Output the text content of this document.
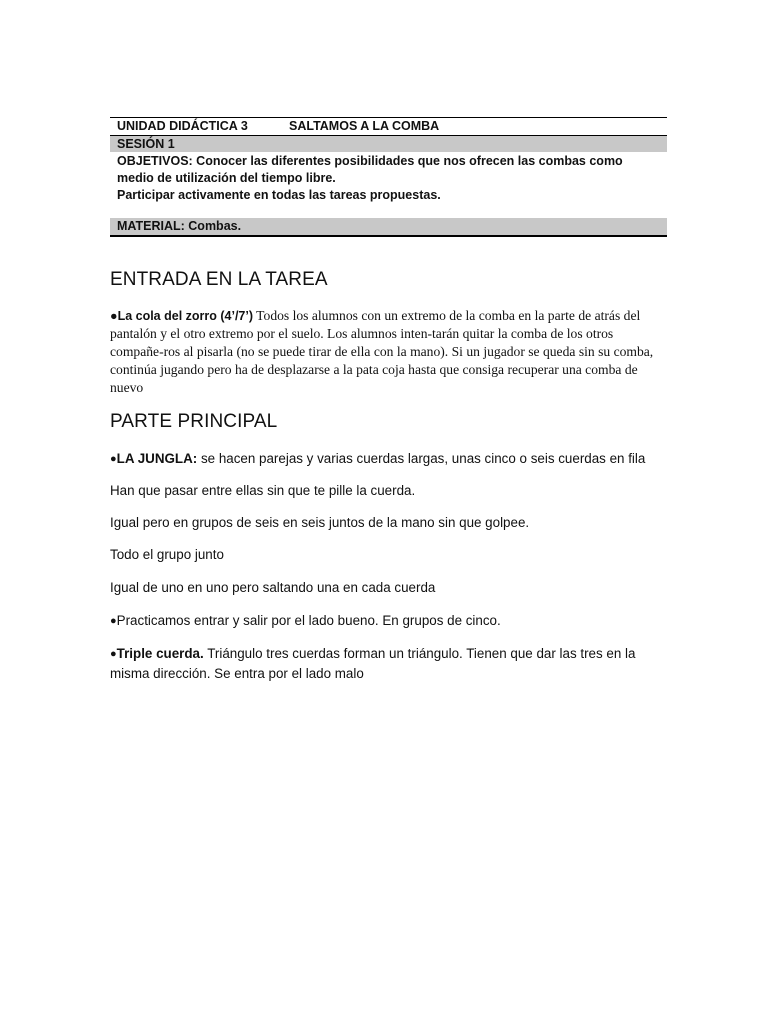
UNIDAD DIDÁCTICA 3	SALTAMOS A LA COMBA
SESIÓN 1
OBJETIVOS: Conocer las diferentes posibilidades que nos ofrecen las combas como
medio de utilización del tiempo libre.
Participar activamente en todas las tareas propuestas.
MATERIAL: Combas.
ENTRADA EN LA TAREA
●La cola del zorro (4’/7’) Todos los alumnos con un extremo de la comba en la parte de atrás del pantalón y el otro extremo por el suelo. Los alumnos inten-tarán quitar la comba de los otros compañe-ros al pisarla (no se puede tirar de ella con la mano). Si un jugador se queda sin su comba, continúa jugando pero ha de desplazarse a la pata coja hasta que consiga recuperar una comba de nuevo
PARTE PRINCIPAL
●LA JUNGLA: se hacen parejas y varias cuerdas largas, unas cinco o seis cuerdas en fila
Han que pasar entre ellas sin que te pille la cuerda.
Igual pero en grupos de seis en seis juntos de la mano sin que golpee.
Todo el grupo junto
Igual de uno en uno pero saltando una en cada cuerda
●Practicamos entrar y salir por el lado bueno. En grupos de cinco.
●Triple cuerda. Triángulo tres cuerdas forman un triángulo. Tienen que dar las tres en la misma dirección. Se entra por el lado malo
